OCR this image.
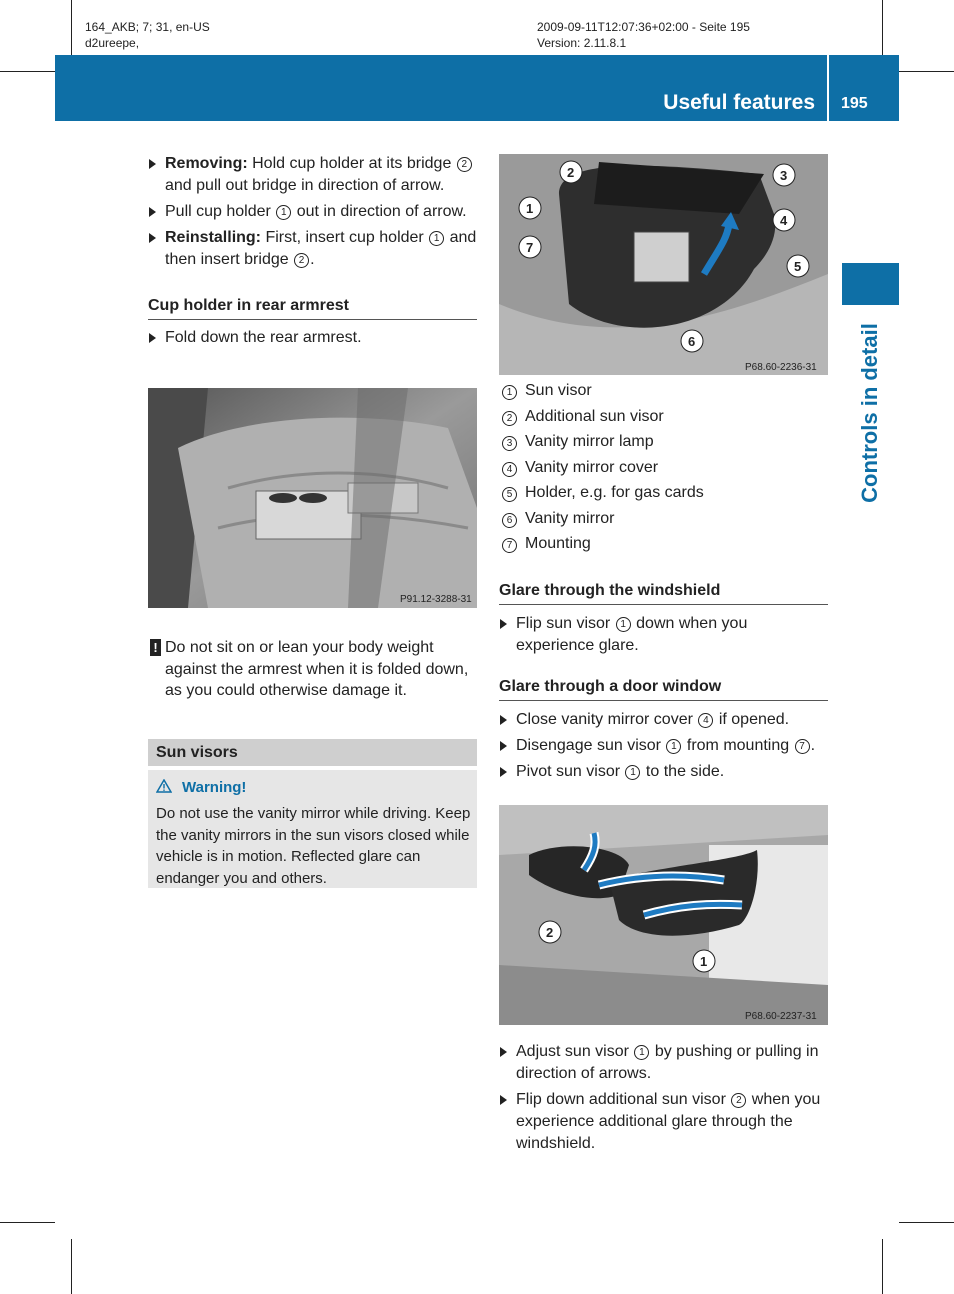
164_AKB; 7; 31, en-US
d2ureepe,
2009-09-11T12:07:36+02:00 - Seite 195
Version: 2.11.8.1
Useful features 195
Controls in detail
Removing: Hold cup holder at its bridge 2 and pull out bridge in direction of arrow.
Pull cup holder 1 out in direction of arrow.
Reinstalling: First, insert cup holder 1 and then insert bridge 2 .
Cup holder in rear armrest
Fold down the rear armrest.
P91.12-3288-31
! Do not sit on or lean your body weight against the armrest when it is folded down, as you could otherwise damage it.
Sun visors
Warning!
Do not use the vanity mirror while driving. Keep the vanity mirrors in the sun visors closed while vehicle is in motion. Reflected glare can endanger you and others.
1
2	3
4
5
6
7
P68.60-2236-31
1 Sun visor
2 Additional sun visor
3 Vanity mirror lamp
4 Vanity mirror cover
5 Holder, e.g. for gas cards
6 Vanity mirror
7 Mounting
Glare through the windshield
Flip sun visor 1 down when you experience glare.
Glare through a door window
Close vanity mirror cover 4 if opened.
Disengage sun visor 1 from mounting 7 .
Pivot sun visor 1 to the side.
1
2
P68.60-2237-31
Adjust sun visor 1 by pushing or pulling in direction of arrows.
Flip down additional sun visor 2 when you experience additional glare through the windshield.
